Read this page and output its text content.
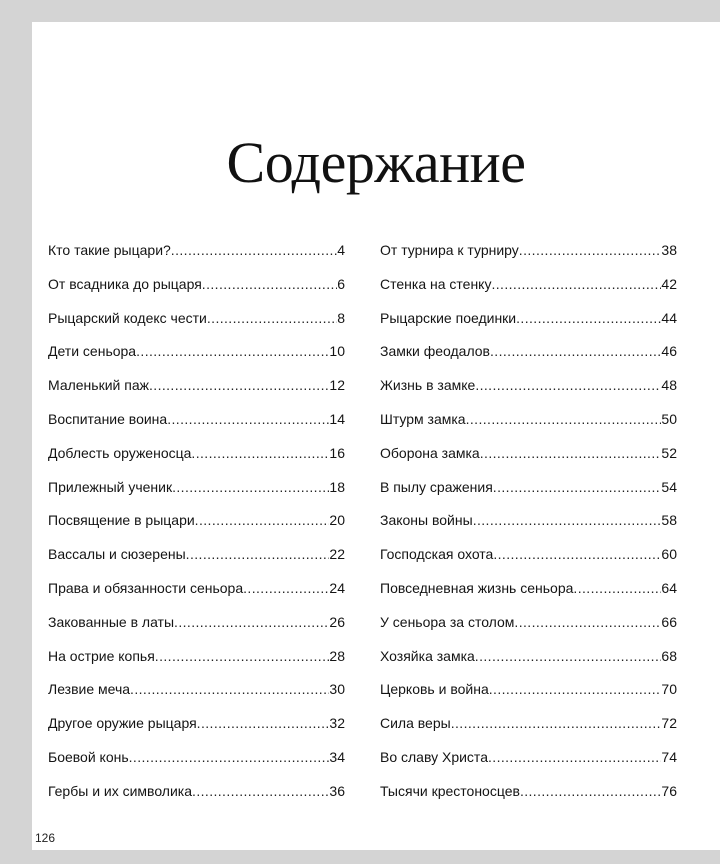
Содержание
Кто такие рыцари? .....	4
От всадника до рыцаря .....	6
Рыцарский кодекс чести .....	8
Дети сеньора .....	10
Маленький паж .....	12
Воспитание воина .....	14
Доблесть оруженосца .....	16
Прилежный ученик .....	18
Посвящение в рыцари .....	20
Вассалы и сюзерены .....	22
Права и обязанности сеньора .....	24
Закованные в латы .....	26
На острие копья .....	28
Лезвие меча .....	30
Другое оружие рыцаря .....	32
Боевой конь .....	34
Гербы и их символика .....	36
От турнира к турниру .....	38
Стенка на стенку .....	42
Рыцарские поединки .....	44
Замки феодалов .....	46
Жизнь в замке .....	48
Штурм замка .....	50
Оборона замка .....	52
В пылу сражения .....	54
Законы войны .....	58
Господская охота .....	60
Повседневная жизнь сеньора .....	64
У сеньора за столом .....	66
Хозяйка замка .....	68
Церковь и война .....	70
Сила веры .....	72
Во славу Христа .....	74
Тысячи крестоносцев .....	76
126
